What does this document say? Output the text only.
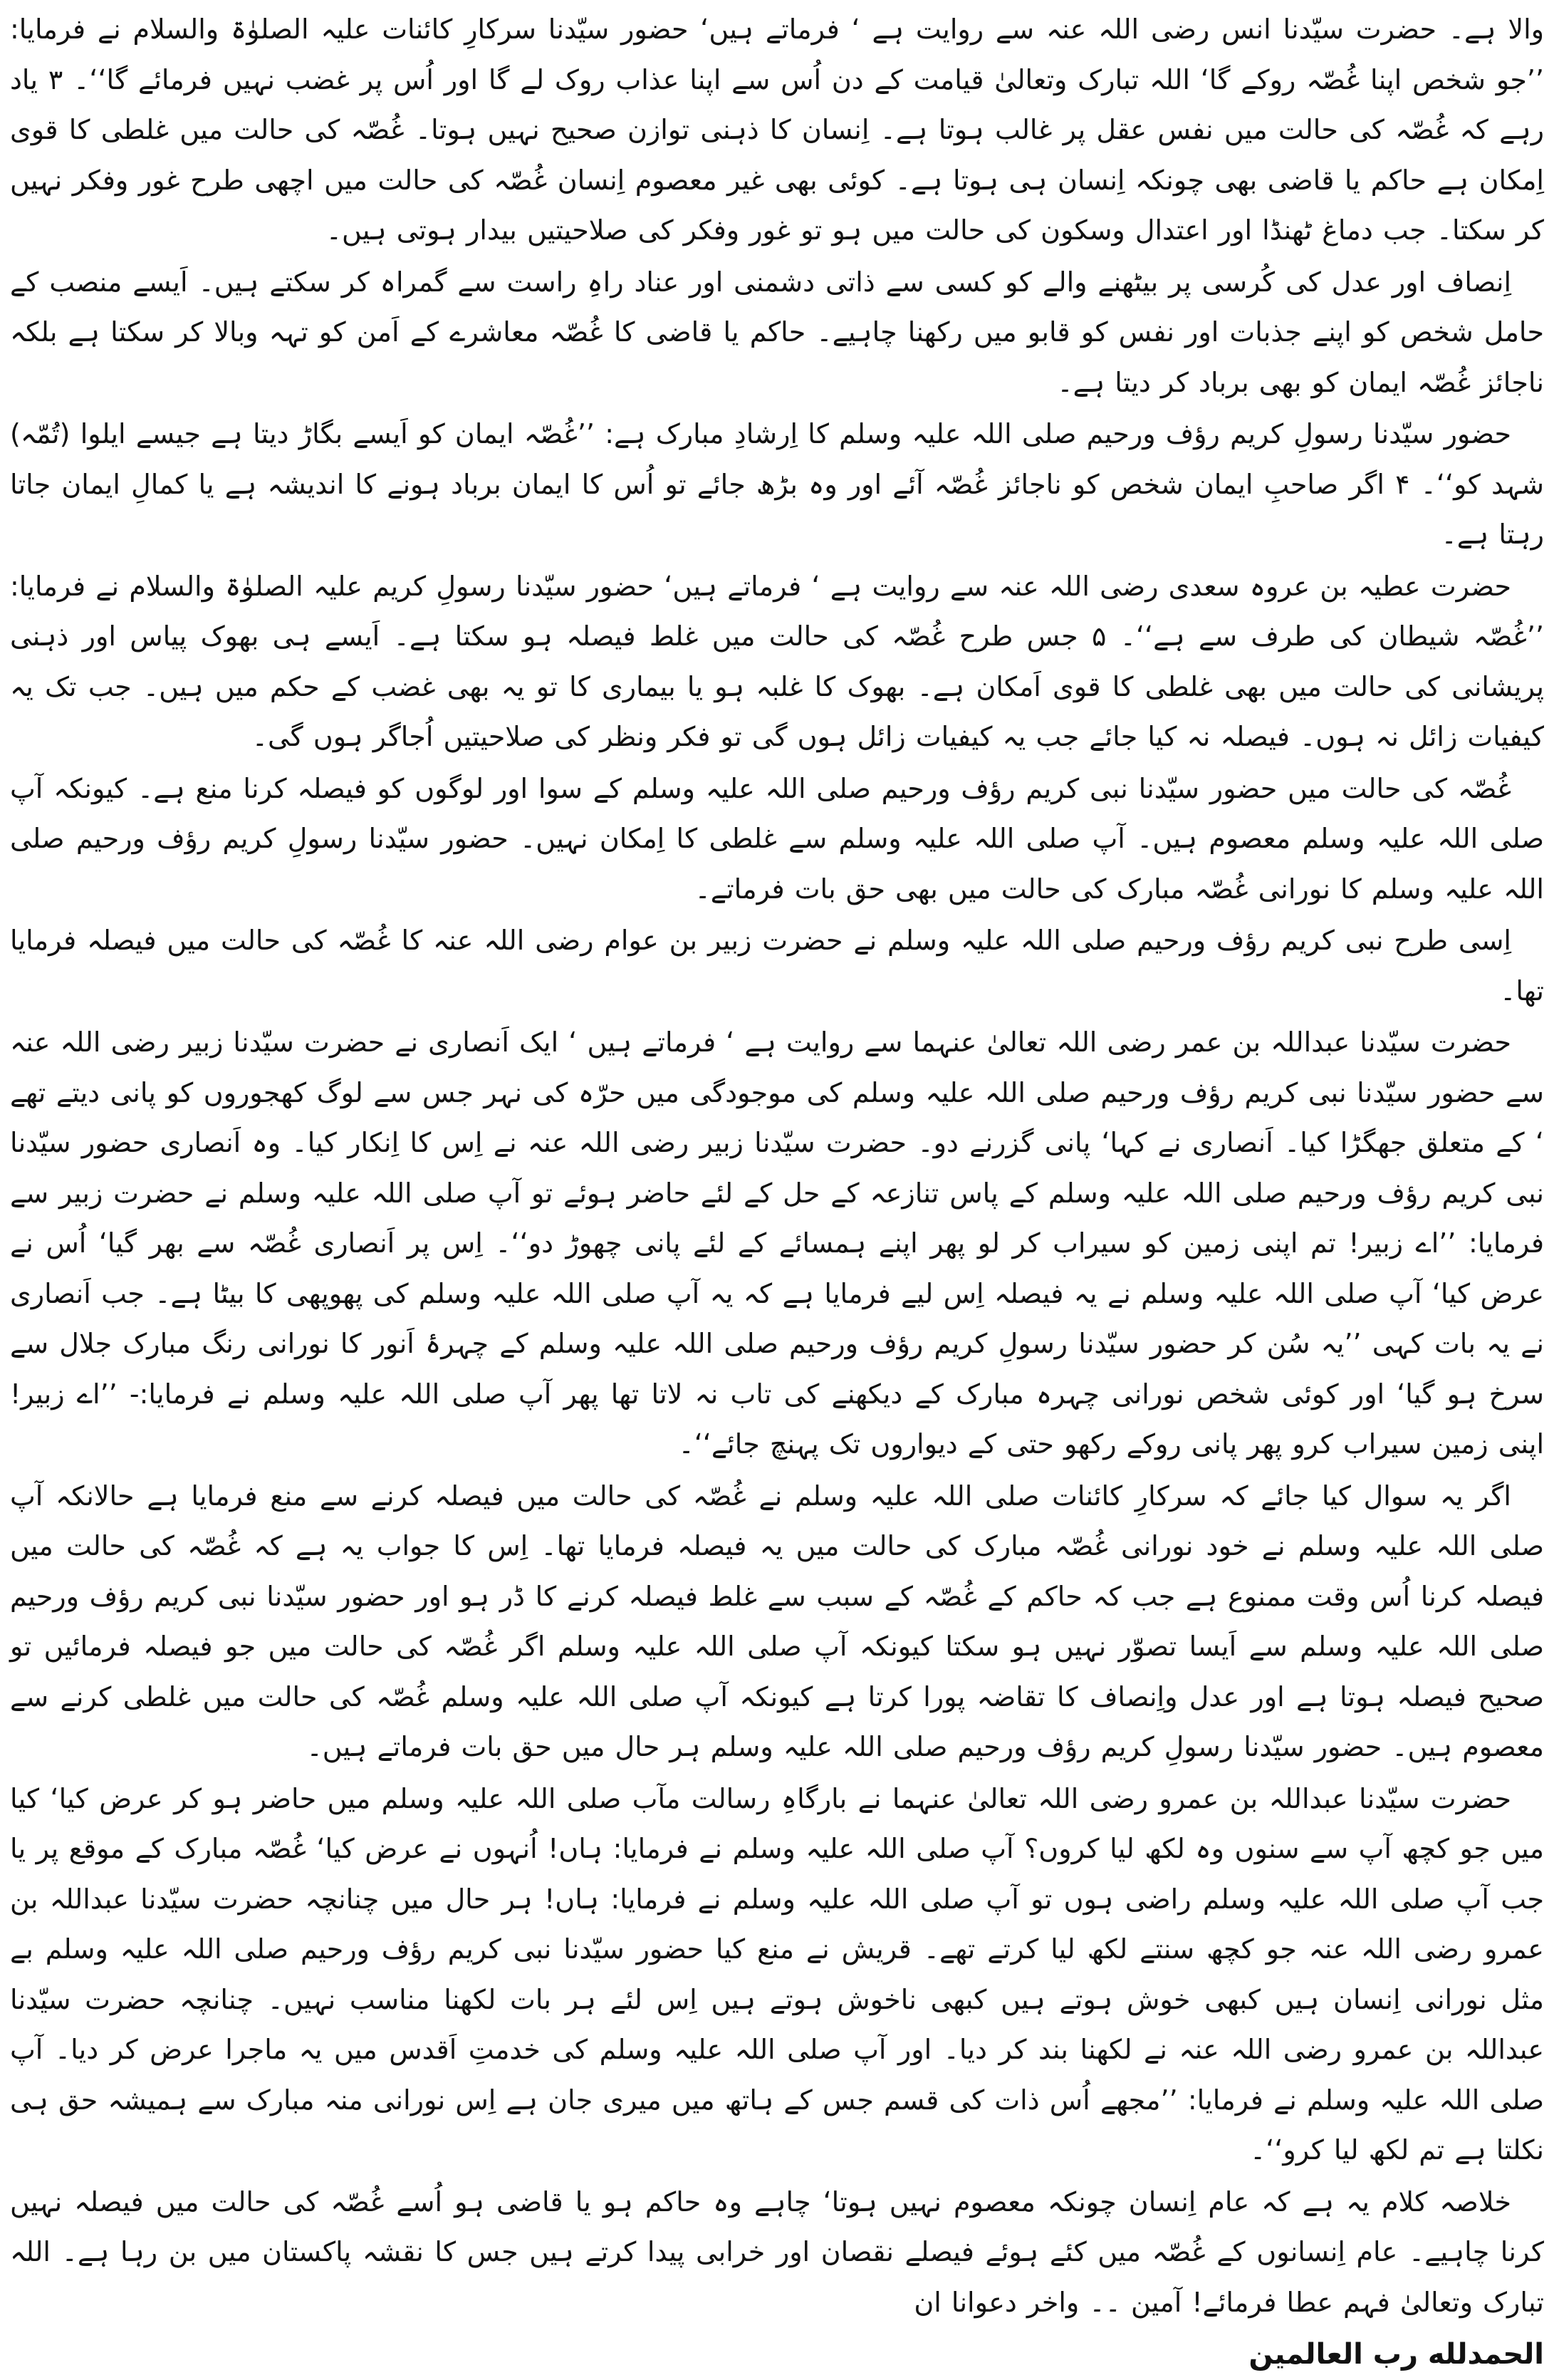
والا ہے۔ حضرت سیّدنا انس رضی اللہ عنہ سے روایت ہے ‘ فرماتے ہیں‘ حضور سیّدنا سرکارِ کائنات علیہ الصلوٰۃ والسلام نے فرمایا: ’’جو شخص اپنا غُصّہ روکے گا‘ اللہ تبارک وتعالیٰ قیامت کے دن اُس سے اپنا عذاب روک لے گا اور اُس پر غضب نہیں فرمائے گا‘‘۔ ۳ یاد رہے کہ غُصّہ کی حالت میں نفس عقل پر غالب ہوتا ہے۔ اِنسان کا ذہنی توازن صحیح نہیں ہوتا۔ غُصّہ کی حالت میں غلطی کا قوی اِمکان ہے حاکم یا قاضی بھی چونکہ اِنسان ہی ہوتا ہے۔ کوئی بھی غیر معصوم اِنسان غُصّہ کی حالت میں اچھی طرح غور وفکر نہیں کر سکتا۔ جب دماغ ٹھنڈا اور اعتدال وسکون کی حالت میں ہو تو غور وفکر کی صلاحیتیں بیدار ہوتی ہیں۔

اِنصاف اور عدل کی کُرسی پر بیٹھنے والے کو کسی سے ذاتی دشمنی اور عناد راہِ راست سے گمراہ کر سکتے ہیں۔ اَیسے منصب کے حامل شخص کو اپنے جذبات اور نفس کو قابو میں رکھنا چاہیے۔ حاکم یا قاضی کا غُصّہ معاشرے کے اَمن کو تہہ وبالا کر سکتا ہے بلکہ ناجائز غُصّہ ایمان کو بھی برباد کر دیتا ہے۔

حضور سیّدنا رسولِ کریم رؤف ورحیم صلی اللہ علیہ وسلم کا اِرشادِ مبارک ہے: ’’غُصّہ ایمان کو اَیسے بگاڑ دیتا ہے جیسے ایلوا (تُمّہ) شہد کو‘‘۔ ۴ اگر صاحبِ ایمان شخص کو ناجائز غُصّہ آئے اور وہ بڑھ جائے تو اُس کا ایمان برباد ہونے کا اندیشہ ہے یا کمالِ ایمان جاتا رہتا ہے۔

حضرت عطیہ بن عروہ سعدی رضی اللہ عنہ سے روایت ہے ‘ فرماتے ہیں‘ حضور سیّدنا رسولِ کریم علیہ الصلوٰۃ والسلام نے فرمایا: ’’غُصّہ شیطان کی طرف سے ہے‘‘۔ ۵ جس طرح غُصّہ کی حالت میں غلط فیصلہ ہو سکتا ہے۔ اَیسے ہی بھوک پیاس اور ذہنی پریشانی کی حالت میں بھی غلطی کا قوی اَمکان ہے۔ بھوک کا غلبہ ہو یا بیماری کا تو یہ بھی غضب کے حکم میں ہیں۔ جب تک یہ کیفیات زائل نہ ہوں۔ فیصلہ نہ کیا جائے جب یہ کیفیات زائل ہوں گی تو فکر ونظر کی صلاحیتیں اُجاگر ہوں گی۔

غُصّہ کی حالت میں حضور سیّدنا نبی کریم رؤف ورحیم صلی اللہ علیہ وسلم کے سوا اور لوگوں کو فیصلہ کرنا منع ہے۔ کیونکہ آپ صلی اللہ علیہ وسلم معصوم ہیں۔ آپ صلی اللہ علیہ وسلم سے غلطی کا اِمکان نہیں۔ حضور سیّدنا رسولِ کریم رؤف ورحیم صلی اللہ علیہ وسلم کا نورانی غُصّہ مبارک کی حالت میں بھی حق بات فرماتے۔

اِسی طرح نبی کریم رؤف ورحیم صلی اللہ علیہ وسلم نے حضرت زبیر بن عوام رضی اللہ عنہ کا غُصّہ کی حالت میں فیصلہ فرمایا تھا۔

حضرت سیّدنا عبداللہ بن عمر رضی اللہ تعالیٰ عنہما سے روایت ہے ‘ فرماتے ہیں ‘ ایک اَنصاری نے حضرت سیّدنا زبیر رضی اللہ عنہ سے حضور سیّدنا نبی کریم رؤف ورحیم صلی اللہ علیہ وسلم کی موجودگی میں حرّہ کی نہر جس سے لوگ کھجوروں کو پانی دیتے تھے ‘ کے متعلق جھگڑا کیا۔ اَنصاری نے کہا‘ پانی گزرنے دو۔ حضرت سیّدنا زبیر رضی اللہ عنہ نے اِس کا اِنکار کیا۔ وہ اَنصاری حضور سیّدنا نبی کریم رؤف ورحیم صلی اللہ علیہ وسلم کے پاس تنازعہ کے حل کے لئے حاضر ہوئے تو آپ صلی اللہ علیہ وسلم نے حضرت زبیر سے فرمایا: ’’اے زبیر! تم اپنی زمین کو سیراب کر لو پھر اپنے ہمسائے کے لئے پانی چھوڑ دو‘‘۔ اِس پر اَنصاری غُصّہ سے بھر گیا‘ اُس نے عرض کیا‘ آپ صلی اللہ علیہ وسلم نے یہ فیصلہ اِس لیے فرمایا ہے کہ یہ آپ صلی اللہ علیہ وسلم کی پھوپھی کا بیٹا ہے۔ جب اَنصاری نے یہ بات کہی ’’یہ سُن کر حضور سیّدنا رسولِ کریم رؤف ورحیم صلی اللہ علیہ وسلم کے چہرۂ اَنور کا نورانی رنگ مبارک جلال سے سرخ ہو گیا‘ اور کوئی شخص نورانی چہرہ مبارک کے دیکھنے کی تاب نہ لاتا تھا پھر آپ صلی اللہ علیہ وسلم نے فرمایا:- ’’اے زبیر! اپنی زمین سیراب کرو پھر پانی روکے رکھو حتی کے دیواروں تک پہنچ جائے‘‘۔

اگر یہ سوال کیا جائے کہ سرکارِ کائنات صلی اللہ علیہ وسلم نے غُصّہ کی حالت میں فیصلہ کرنے سے منع فرمایا ہے حالانکہ آپ صلی اللہ علیہ وسلم نے خود نورانی غُصّہ مبارک کی حالت میں یہ فیصلہ فرمایا تھا۔ اِس کا جواب یہ ہے کہ غُصّہ کی حالت میں فیصلہ کرنا اُس وقت ممنوع ہے جب کہ حاکم کے غُصّہ کے سبب سے غلط فیصلہ کرنے کا ڈر ہو اور حضور سیّدنا نبی کریم رؤف ورحیم صلی اللہ علیہ وسلم سے اَیسا تصوّر نہیں ہو سکتا کیونکہ آپ صلی اللہ علیہ وسلم اگر غُصّہ کی حالت میں جو فیصلہ فرمائیں تو صحیح فیصلہ ہوتا ہے اور عدل واِنصاف کا تقاضہ پورا کرتا ہے کیونکہ آپ صلی اللہ علیہ وسلم غُصّہ کی حالت میں غلطی کرنے سے معصوم ہیں۔ حضور سیّدنا رسولِ کریم رؤف ورحیم صلی اللہ علیہ وسلم ہر حال میں حق بات فرماتے ہیں۔

حضرت سیّدنا عبداللہ بن عمرو رضی اللہ تعالیٰ عنہما نے بارگاہِ رسالت مآب صلی اللہ علیہ وسلم میں حاضر ہو کر عرض کیا‘ کیا میں جو کچھ آپ سے سنوں وہ لکھ لیا کروں؟ آپ صلی اللہ علیہ وسلم نے فرمایا: ہاں! اُنہوں نے عرض کیا‘ غُصّہ مبارک کے موقع پر یا جب آپ صلی اللہ علیہ وسلم راضی ہوں تو آپ صلی اللہ علیہ وسلم نے فرمایا: ہاں! ہر حال میں چنانچہ حضرت سیّدنا عبداللہ بن عمرو رضی اللہ عنہ جو کچھ سنتے لکھ لیا کرتے تھے۔ قریش نے منع کیا حضور سیّدنا نبی کریم رؤف ورحیم صلی اللہ علیہ وسلم بے مثل نورانی اِنسان ہیں کبھی خوش ہوتے ہیں کبھی ناخوش ہوتے ہیں اِس لئے ہر بات لکھنا مناسب نہیں۔ چنانچہ حضرت سیّدنا عبداللہ بن عمرو رضی اللہ عنہ نے لکھنا بند کر دیا۔ اور آپ صلی اللہ علیہ وسلم کی خدمتِ اَقدس میں یہ ماجرا عرض کر دیا۔ آپ صلی اللہ علیہ وسلم نے فرمایا: ’’مجھے اُس ذات کی قسم جس کے ہاتھ میں میری جان ہے اِس نورانی منہ مبارک سے ہمیشہ حق ہی نکلتا ہے تم لکھ لیا کرو‘‘۔

خلاصہ کلام یہ ہے کہ عام اِنسان چونکہ معصوم نہیں ہوتا‘ چاہے وہ حاکم ہو یا قاضی ہو اُسے غُصّہ کی حالت میں فیصلہ نہیں کرنا چاہیے۔ عام اِنسانوں کے غُصّہ میں کئے ہوئے فیصلے نقصان اور خرابی پیدا کرتے ہیں جس کا نقشہ پاکستان میں بن رہا ہے۔ اللہ تبارک وتعالیٰ فہم عطا فرمائے! آمین ۔۔ واخر دعوانا ان

الحمدلله رب العالمين
